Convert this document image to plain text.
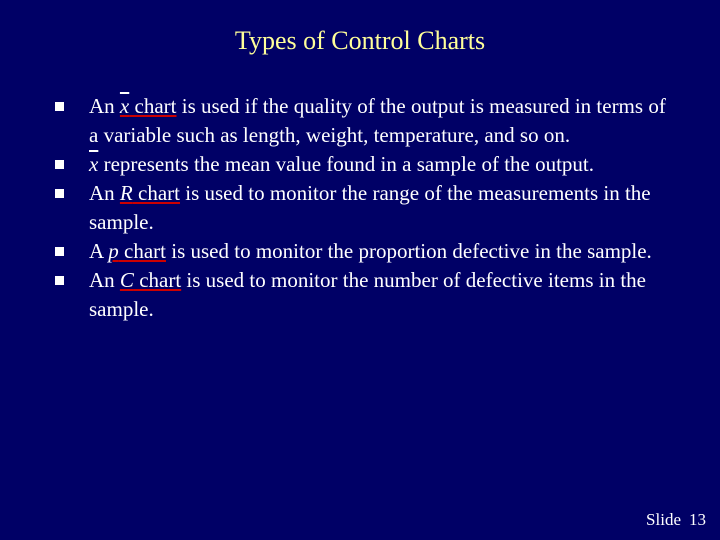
Types of Control Charts
An x chart is used if the quality of the output is measured in terms of a variable such as length, weight, temperature, and so on.
$\overline{x}$ represents the mean value found in a sample of the output.
An R chart is used to monitor the range of the measurements in the sample.
A p chart is used to monitor the proportion defective in the sample.
An C chart is used to monitor the number of defective items in the sample.
Slide 13
